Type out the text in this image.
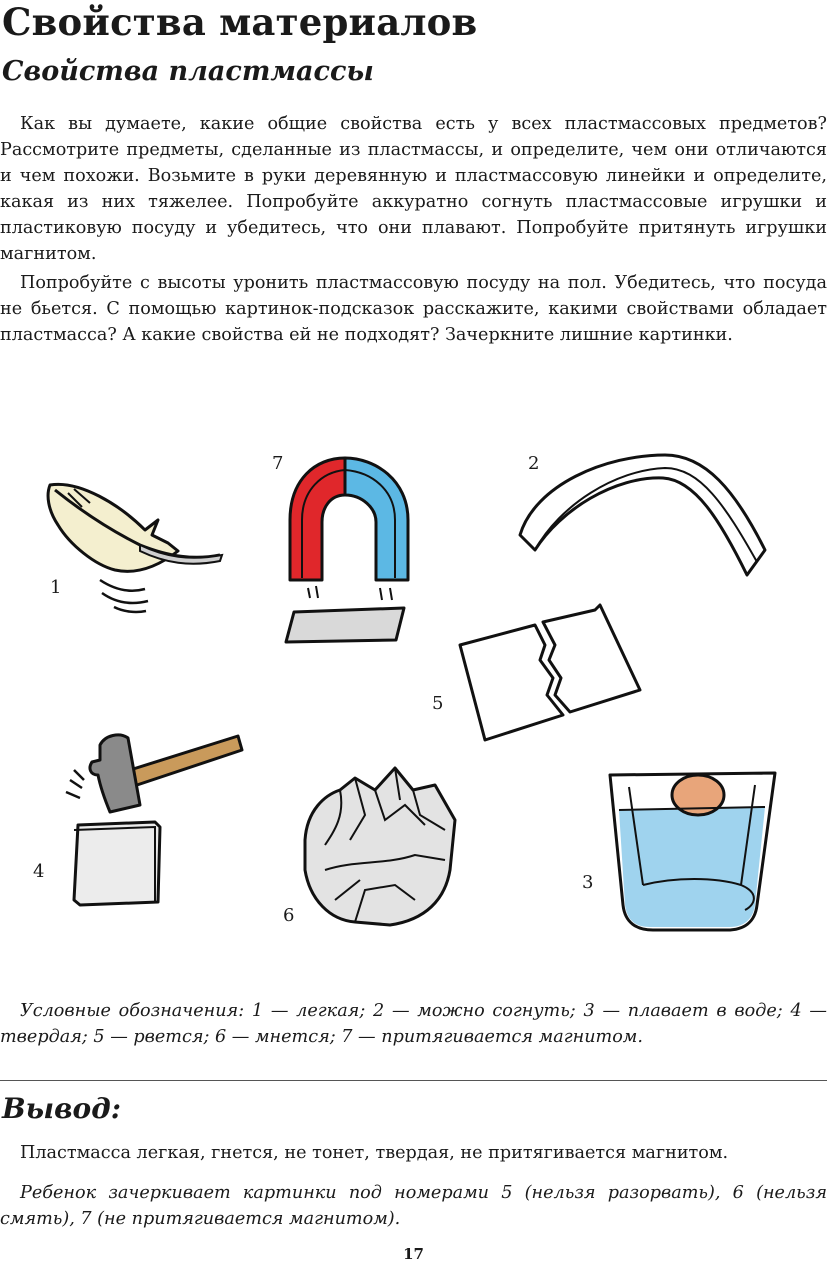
Свойства материалов
Свойства пластмассы
Как вы думаете, какие общие свойства есть у всех пластмассовых предметов? Рассмотрите предметы, сделанные из пластмассы, и определите, чем они отличаются и чем похожи. Возьмите в руки деревянную и пластмассовую линейки и определите, какая из них тяжелее. Попробуйте аккуратно согнуть пластмассовые игрушки и пластиковую посуду и убедитесь, что они плавают. Попробуйте притянуть игрушки магнитом.
Попробуйте с высоты уронить пластмассовую посуду на пол. Убедитесь, что посуда не бьется. С помощью картинок-подсказок расскажите, какими свойствами обладает пластмасса? А какие свойства ей не подходят? Зачеркните лишние картинки.
1
7	2
5
4
6
3
Условные обозначения: 1 — легкая; 2 — можно согнуть; 3 — плавает в воде; 4 — твердая; 5 — рвется; 6 — мнется; 7 — притягивается магнитом.
Вывод:
Пластмасса легкая, гнется, не тонет, твердая, не притягивается магнитом.
Ребенок зачеркивает картинки под номерами 5 (нельзя разорвать), 6 (нельзя смять), 7 (не притягивается магнитом).
17
